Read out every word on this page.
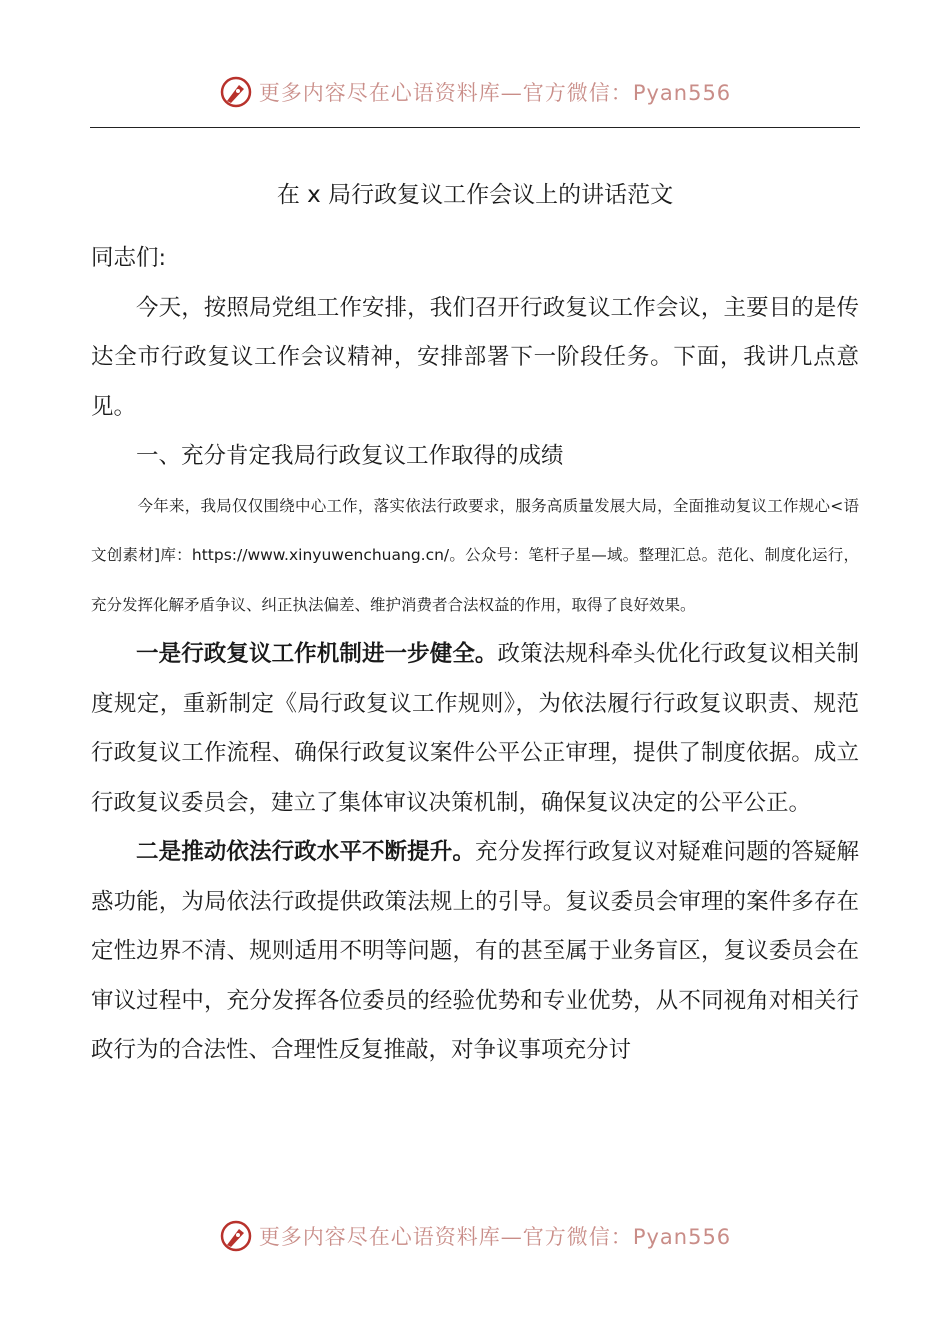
更多内容尽在心语资料库—官方微信：Pyan556
在 x 局行政复议工作会议上的讲话范文

同志们:

今天，按照局党组工作安排，我们召开行政复议工作会议，主要目的是传达全市行政复议工作会议精神，安排部署下一阶段任务。下面，我讲几点意见。

一、充分肯定我局行政复议工作取得的成绩

今年来，我局仅仅围绕中心工作，落实依法行政要求，服务高质量发展大局，全面推动复议工作规心<语文创素材]库：https://www.xinyuwenchuang.cn/。公众号：笔杆子星—域。整理汇总。范化、制度化运行，充分发挥化解矛盾争议、纠正执法偏差、维护消费者合法权益的作用，取得了良好效果。

一是行政复议工作机制进一步健全。政策法规科牵头优化行政复议相关制度规定，重新制定《局行政复议工作规则》，为依法履行行政复议职责、规范行政复议工作流程、确保行政复议案件公平公正审理，提供了制度依据。成立行政复议委员会，建立了集体审议决策机制，确保复议决定的公平公正。

二是推动依法行政水平不断提升。充分发挥行政复议对疑难问题的答疑解惑功能，为局依法行政提供政策法规上的引导。复议委员会审理的案件多存在定性边界不清、规则适用不明等问题，有的甚至属于业务盲区，复议委员会在审议过程中，充分发挥各位委员的经验优势和专业优势，从不同视角对相关行政行为的合法性、合理性反复推敲，对争议事项充分讨

更多内容尽在心语资料库—官方微信：Pyan556
